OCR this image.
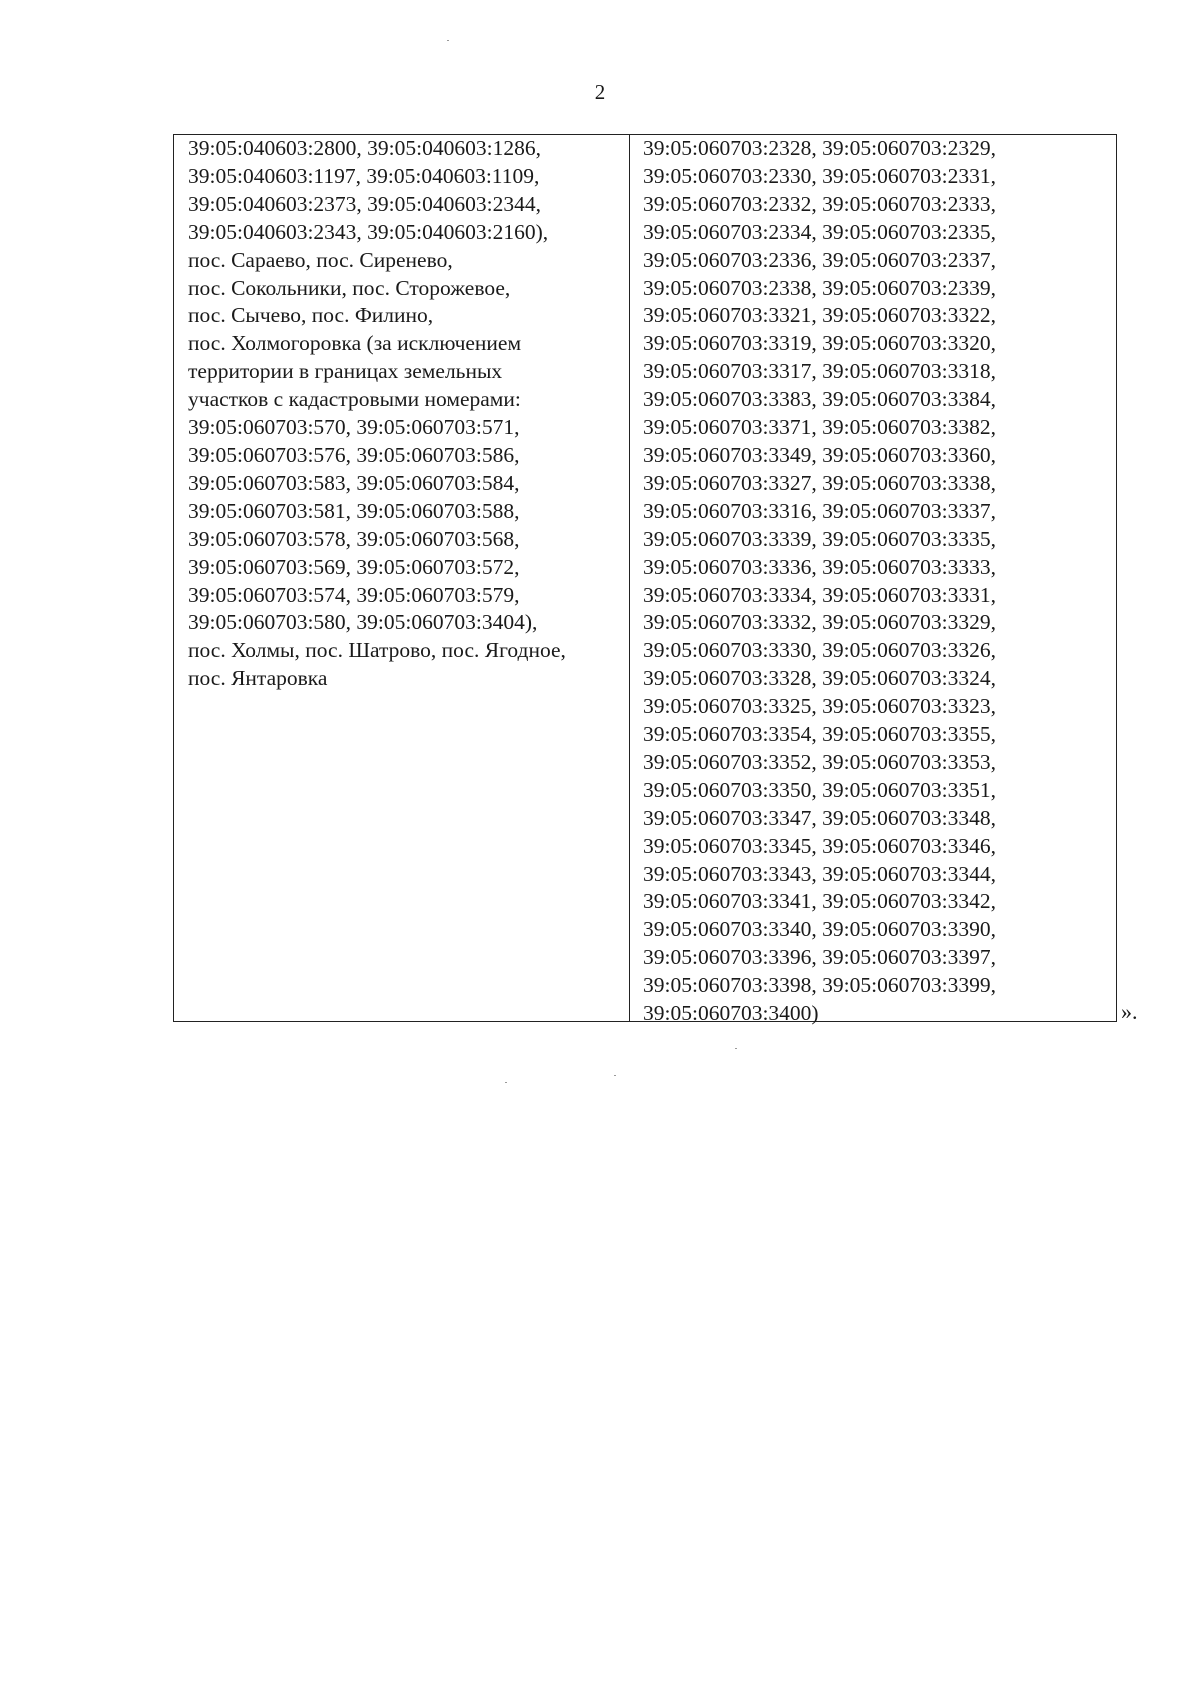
2
39:05:040603:2800, 39:05:040603:1286,
39:05:040603:1197, 39:05:040603:1109,
39:05:040603:2373, 39:05:040603:2344,
39:05:040603:2343, 39:05:040603:2160),
пос. Сараево, пос. Сиренево,
пос. Сокольники, пос. Сторожевое,
пос. Сычево, пос. Филино,
пос. Холмогоровка (за исключением
территории в границах земельных
участков с кадастровыми номерами:
39:05:060703:570, 39:05:060703:571,
39:05:060703:576, 39:05:060703:586,
39:05:060703:583, 39:05:060703:584,
39:05:060703:581, 39:05:060703:588,
39:05:060703:578, 39:05:060703:568,
39:05:060703:569, 39:05:060703:572,
39:05:060703:574, 39:05:060703:579,
39:05:060703:580, 39:05:060703:3404),
пос. Холмы, пос. Шатрово, пос. Ягодное,
пос. Янтаровка
39:05:060703:2328, 39:05:060703:2329,
39:05:060703:2330, 39:05:060703:2331,
39:05:060703:2332, 39:05:060703:2333,
39:05:060703:2334, 39:05:060703:2335,
39:05:060703:2336, 39:05:060703:2337,
39:05:060703:2338, 39:05:060703:2339,
39:05:060703:3321, 39:05:060703:3322,
39:05:060703:3319, 39:05:060703:3320,
39:05:060703:3317, 39:05:060703:3318,
39:05:060703:3383, 39:05:060703:3384,
39:05:060703:3371, 39:05:060703:3382,
39:05:060703:3349, 39:05:060703:3360,
39:05:060703:3327, 39:05:060703:3338,
39:05:060703:3316, 39:05:060703:3337,
39:05:060703:3339, 39:05:060703:3335,
39:05:060703:3336, 39:05:060703:3333,
39:05:060703:3334, 39:05:060703:3331,
39:05:060703:3332, 39:05:060703:3329,
39:05:060703:3330, 39:05:060703:3326,
39:05:060703:3328, 39:05:060703:3324,
39:05:060703:3325, 39:05:060703:3323,
39:05:060703:3354, 39:05:060703:3355,
39:05:060703:3352, 39:05:060703:3353,
39:05:060703:3350, 39:05:060703:3351,
39:05:060703:3347, 39:05:060703:3348,
39:05:060703:3345, 39:05:060703:3346,
39:05:060703:3343, 39:05:060703:3344,
39:05:060703:3341, 39:05:060703:3342,
39:05:060703:3340, 39:05:060703:3390,
39:05:060703:3396, 39:05:060703:3397,
39:05:060703:3398, 39:05:060703:3399,
39:05:060703:3400)	».
